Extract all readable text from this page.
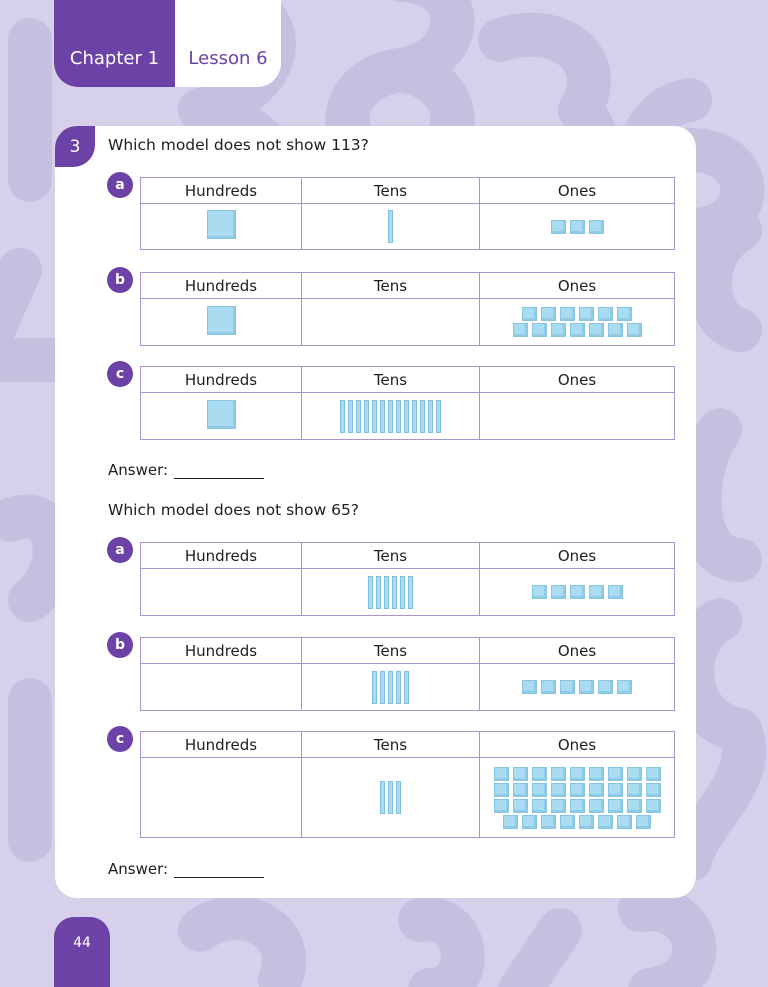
Chapter 1	Lesson 6
3	Which model does not show 113?
a	Hundreds	Tens	Ones

b	Hundreds	Tens	Ones

c	Hundreds	Tens	Ones

Answer:
Which model does not show 65?
a	Hundreds	Tens	Ones

b	Hundreds	Tens	Ones

c	Hundreds	Tens	Ones

Answer:
44
